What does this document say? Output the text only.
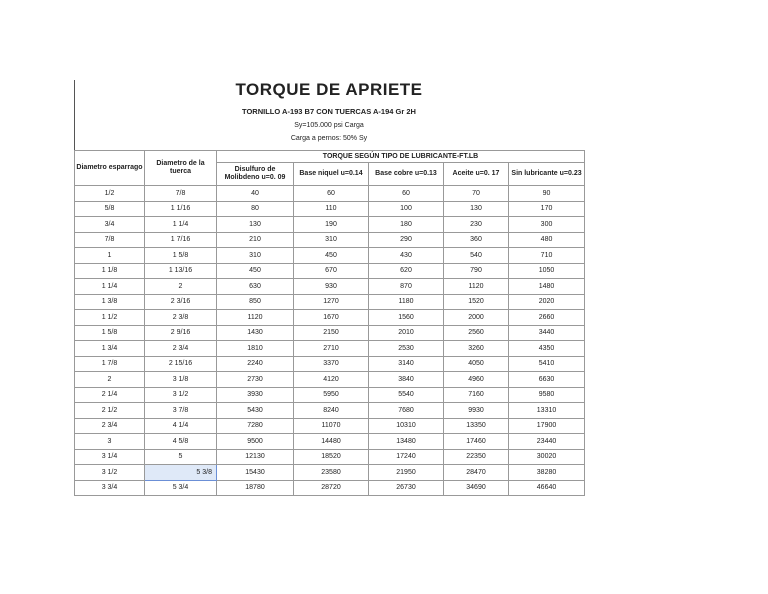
TORQUE DE APRIETE
TORNILLO A-193 B7 CON TUERCAS A-194 Gr 2H
Sy=105.000 psi Carga
Carga a pernos: 50% Sy
Diametro esparrago	Diametro de la tuerca	TORQUE SEGÚN TIPO DE LUBRICANTE-FT.LB				
		Disulfuro de Molibdeno u=0. 09	Base niquel u=0.14	Base cobre u=0.13	Aceite u=0. 17	Sin lubricante u=0.23
1/2	7/8	40	60	60	70	90
5/8	1 1/16	80	110	100	130	170
3/4	1 1/4	130	190	180	230	300
7/8	1 7/16	210	310	290	360	480
1	1 5/8	310	450	430	540	710
1 1/8	1 13/16	450	670	620	790	1050
1 1/4	2	630	930	870	1120	1480
1 3/8	2 3/16	850	1270	1180	1520	2020
1 1/2	2 3/8	1120	1670	1560	2000	2660
1 5/8	2 9/16	1430	2150	2010	2560	3440
1 3/4	2 3/4	1810	2710	2530	3260	4350
1 7/8	2 15/16	2240	3370	3140	4050	5410
2	3 1/8	2730	4120	3840	4960	6630
2 1/4	3 1/2	3930	5950	5540	7160	9580
2 1/2	3 7/8	5430	8240	7680	9930	13310
2 3/4	4 1/4	7280	11070	10310	13350	17900
3	4 5/8	9500	14480	13480	17460	23440
3 1/4	5	12130	18520	17240	22350	30020
3 1/2	5 3/8	15430	23580	21950	28470	38280
3 3/4	5 3/4	18780	28720	26730	34690	46640
